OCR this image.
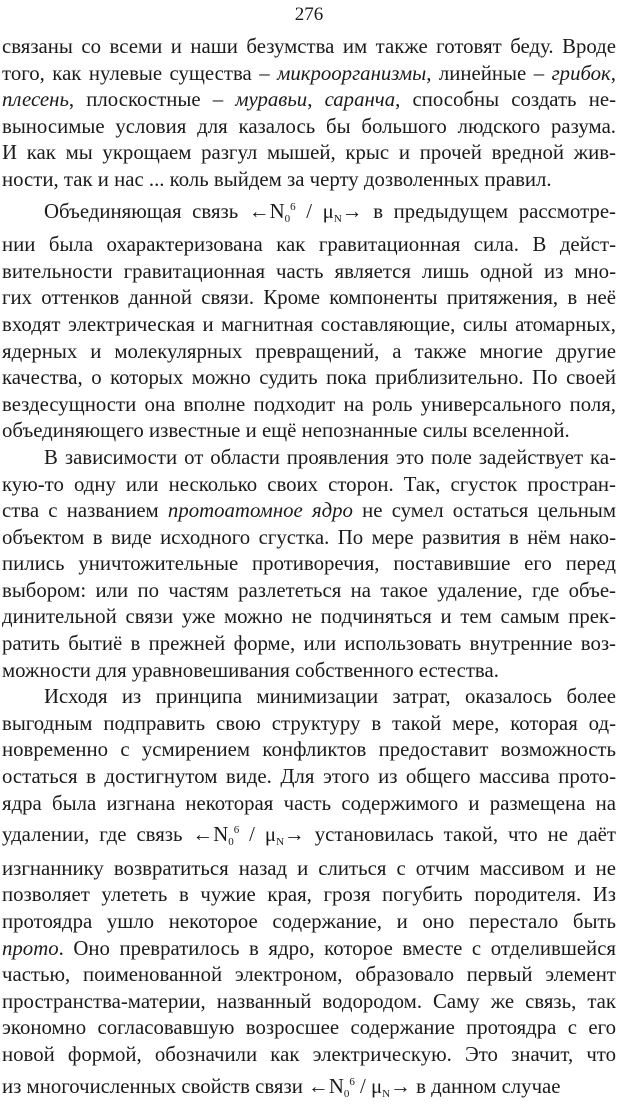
276
связаны со всеми и наши безумства им также готовят беду. Вроде
того, как нулевые существа – микроорганизмы, линейные – грибок,
плесень, плоскостные – муравьи, саранча, способны создать не-
выносимые условия для казалось бы большого людского разума.
И как мы укрощаем разгул мышей, крыс и прочей вредной жив-
ности, так и нас ... коль выйдем за черту дозволенных правил.
Объединяющая связь $\leftarrow N_0^6 / \mu_N\to в$ предыдущем рассмотре-
нии была охарактеризована как гравитационная сила. В дейст-
вительности гравитационная часть является лишь одной из мно-
гих оттенков данной связи. Кроме компоненты притяжения, в неё
входят электрическая и магнитная составляющие, силы атомарных,
ядерных и молекулярных превращений, а также многие другие
качества, о которых можно судить пока приблизительно. По своей
вездесущности она вполне подходит на роль универсального поля,
объединяющего известные и ещё непознанные силы вселенной.
В зависимости от области проявления это поле задействует ка-
кую-то одну или несколько своих сторон. Так, сгусток простран-
ства с названием протоатомное ядро не сумел остаться цельным
объектом в виде исходного сгустка. По мере развития в нём нако-
пились уничтожительные противоречия, поставившие его перед
выбором: или по частям разлететься на такое удаление, где объе-
динительной связи уже можно не подчиняться и тем самым прек-
ратить бытиё в прежней форме, или использовать внутренние воз-
можности для уравновешивания собственного естества.
Исходя из принципа минимизации затрат, оказалось более
выгодным подправить свою структуру в такой мере, которая од-
новременно с усмирением конфликтов предоставит возможность
остаться в достигнутом виде. Для этого из общего массива прото-
ядра была изгнана некоторая часть содержимого и размещена на
удалении, где связь $\leftarrow N_0^6 / \mu_N\to$ установилась такой, что не даёт
изгнаннику возвратиться назад и слиться с отчим массивом и не
позволяет улететь в чужие края, грозя погубить породителя. Из
протоядра ушло некоторое содержание, и оно перестало быть
прото. Оно превратилось в ядро, которое вместе с отделившейся
частью, поименованной электроном, образовало первый элемент
пространства-материи, названный водородом. Саму же связь, так
экономно согласовавшую возросшее содержание протоядра с его
новой формой, обозначили как электрическую. Это значит, что
из многочисленных свойств связи $\leftarrow N_0^6 / \mu_N\to в$ данном случае
